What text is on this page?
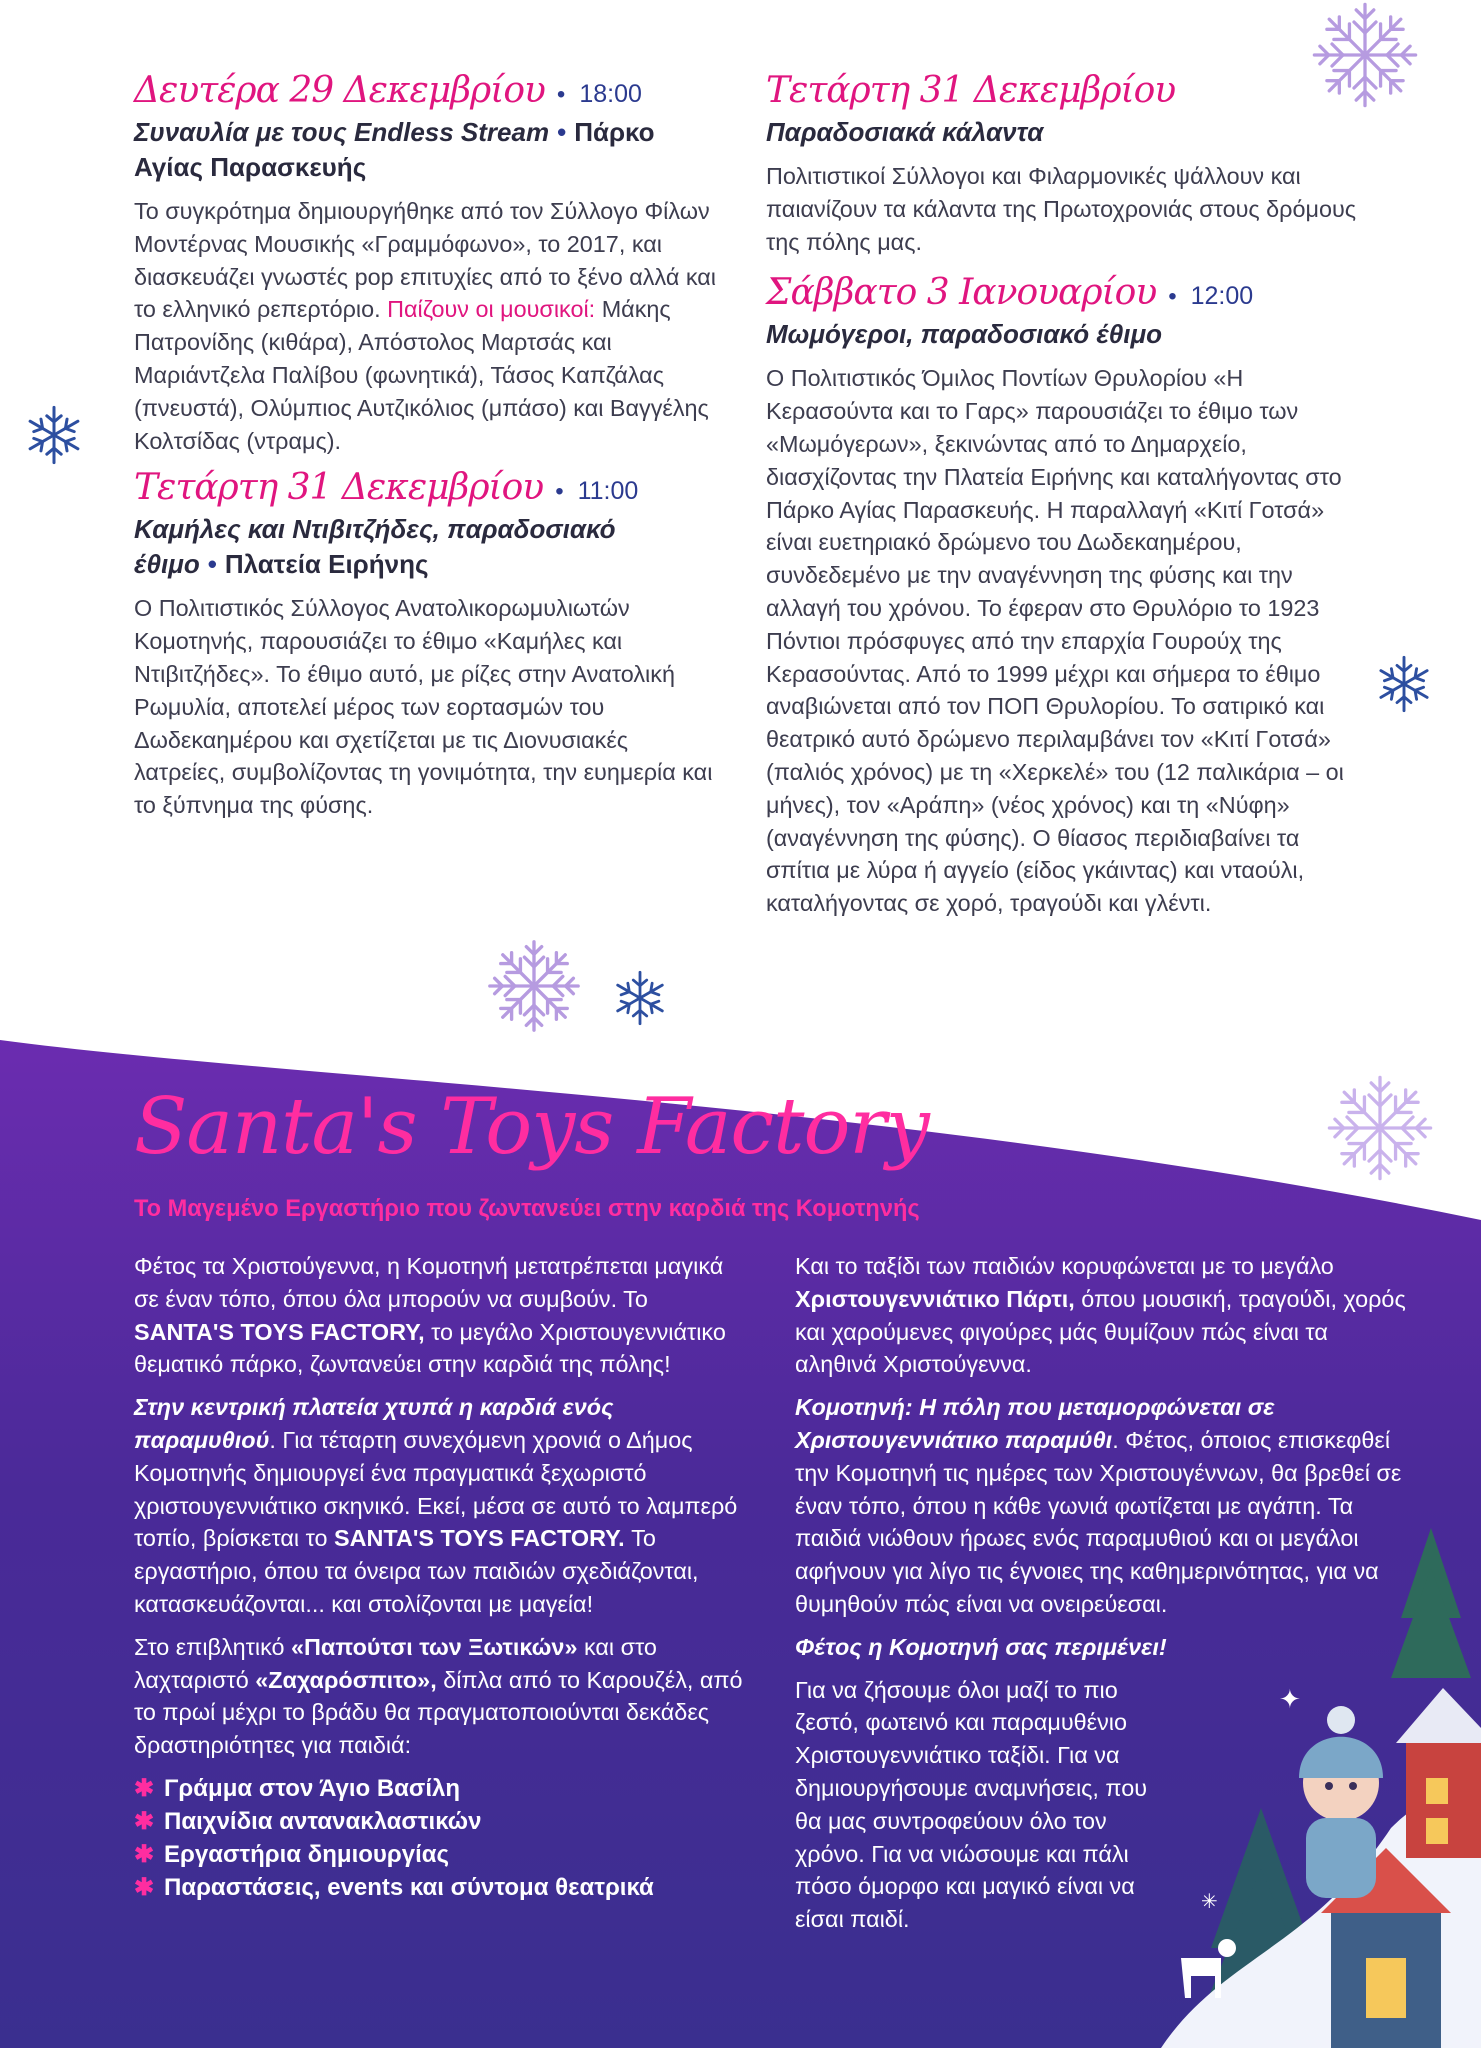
Δευτέρα 29 Δεκεμβρίου • 18:00
Συναυλία με τους Endless Stream • Πάρκο Αγίας Παρασκευής
Το συγκρότημα δημιουργήθηκε από τον Σύλλογο Φίλων Μοντέρνας Μουσικής «Γραμμόφωνο», το 2017, και διασκευάζει γνωστές pop επιτυχίες από το ξένο αλλά και το ελληνικό ρεπερτόριο. Παίζουν οι μουσικοί: Μάκης Πατρονίδης (κιθάρα), Απόστολος Μαρτσάς και Μαριάντζελα Παλίβου (φωνητικά), Τάσος Καπζάλας (πνευστά), Ολύμπιος Αυτζικόλιος (μπάσο) και Βαγγέλης Κολτσίδας (ντραμς).
Τετάρτη 31 Δεκεμβρίου • 11:00
Καμήλες και Ντιβιτζήδες, παραδοσιακό έθιμο • Πλατεία Ειρήνης
Ο Πολιτιστικός Σύλλογος Ανατολικορωμυλιωτών Κομοτηνής, παρουσιάζει το έθιμο «Καμήλες και Ντιβιτζήδες». Το έθιμο αυτό, με ρίζες στην Ανατολική Ρωμυλία, αποτελεί μέρος των εορτασμών του Δωδεκαημέρου και σχετίζεται με τις Διονυσιακές λατρείες, συμβολίζοντας τη γονιμότητα, την ευημερία και το ξύπνημα της φύσης.
Τετάρτη 31 Δεκεμβρίου
Παραδοσιακά κάλαντα
Πολιτιστικοί Σύλλογοι και Φιλαρμονικές ψάλλουν και παιανίζουν τα κάλαντα της Πρωτοχρονιάς στους δρόμους της πόλης μας.
Σάββατο 3 Ιανουαρίου • 12:00
Μωμόγεροι, παραδοσιακό έθιμο
Ο Πολιτιστικός Όμιλος Ποντίων Θρυλορίου «Η Κερασούντα και το Γαρς» παρουσιάζει το έθιμο των «Μωμόγερων», ξεκινώντας από το Δημαρχείο, διασχίζοντας την Πλατεία Ειρήνης και καταλήγοντας στο Πάρκο Αγίας Παρασκευής. Η παραλλαγή «Κιτί Γοτσά» είναι ευετηριακό δρώμενο του Δωδεκαημέρου, συνδεδεμένο με την αναγέννηση της φύσης και την αλλαγή του χρόνου. Το έφεραν στο Θρυλόριο το 1923 Πόντιοι πρόσφυγες από την επαρχία Γουρούχ της Κερασούντας. Από το 1999 μέχρι και σήμερα το έθιμο αναβιώνεται από τον ΠΟΠ Θρυλορίου. Το σατιρικό και θεατρικό αυτό δρώμενο περιλαμβάνει τον «Κιτί Γοτσά» (παλιός χρόνος) με τη «Χερκελέ» του (12 παλικάρια – οι μήνες), τον «Αράπη» (νέος χρόνος) και τη «Νύφη» (αναγέννηση της φύσης). Ο θίασος περιδιαβαίνει τα σπίτια με λύρα ή αγγείο (είδος γκάιντας) και νταούλι, καταλήγοντας σε χορό, τραγούδι και γλέντι.
Santa's Toys Factory
Το Μαγεμένο Εργαστήριο που ζωντανεύει στην καρδιά της Κομοτηνής

Φέτος τα Χριστούγεννα, η Κομοτηνή μετατρέπεται μαγικά σε έναν τόπο, όπου όλα μπορούν να συμβούν. Το SANTA'S TOYS FACTORY, το μεγάλο Χριστουγεννιάτικο θεματικό πάρκο, ζωντανεύει στην καρδιά της πόλης!

Στην κεντρική πλατεία χτυπά η καρδιά ενός παραμυθιού. Για τέταρτη συνεχόμενη χρονιά ο Δήμος Κομοτηνής δημιουργεί ένα πραγματικά ξεχωριστό χριστουγεννιάτικο σκηνικό. Εκεί, μέσα σε αυτό το λαμπερό τοπίο, βρίσκεται το SANTA'S TOYS FACTORY. Το εργαστήριο, όπου τα όνειρα των παιδιών σχεδιάζονται, κατασκευάζονται... και στολίζονται με μαγεία!

Στο επιβλητικό «Παπούτσι των Ξωτικών» και στο λαχταριστό «Ζαχαρόσπιτο», δίπλα από το Καρουζέλ, από το πρωί μέχρι το βράδυ θα πραγματοποιούνται δεκάδες δραστηριότητες για παιδιά:

✱ Γράμμα στον Άγιο Βασίλη
✱ Παιχνίδια αντανακλαστικών
✱ Εργαστήρια δημιουργίας
✱ Παραστάσεις, events και σύντομα θεατρικά

Και το ταξίδι των παιδιών κορυφώνεται με το μεγάλο Χριστουγεννιάτικο Πάρτι, όπου μουσική, τραγούδι, χορός και χαρούμενες φιγούρες μάς θυμίζουν πώς είναι τα αληθινά Χριστούγεννα.

Κομοτηνή: Η πόλη που μεταμορφώνεται σε Χριστουγεννιάτικο παραμύθι. Φέτος, όποιος επισκεφθεί την Κομοτηνή τις ημέρες των Χριστουγέννων, θα βρεθεί σε έναν τόπο, όπου η κάθε γωνιά φωτίζεται με αγάπη. Τα παιδιά νιώθουν ήρωες ενός παραμυθιού και οι μεγάλοι αφήνουν για λίγο τις έγνοιες της καθημερινότητας, για να θυμηθούν πώς είναι να ονειρεύεσαι.

Φέτος η Κομοτηνή σας περιμένει!

Για να ζήσουμε όλοι μαζί το πιο ζεστό, φωτεινό και παραμυθένιο Χριστουγεννιάτικο ταξίδι. Για να δημιουργήσουμε αναμνήσεις, που θα μας συντροφεύουν όλο τον χρόνο. Για να νιώσουμε και πάλι πόσο όμορφο και μαγικό είναι να είσαι παιδί.

✦
✳
